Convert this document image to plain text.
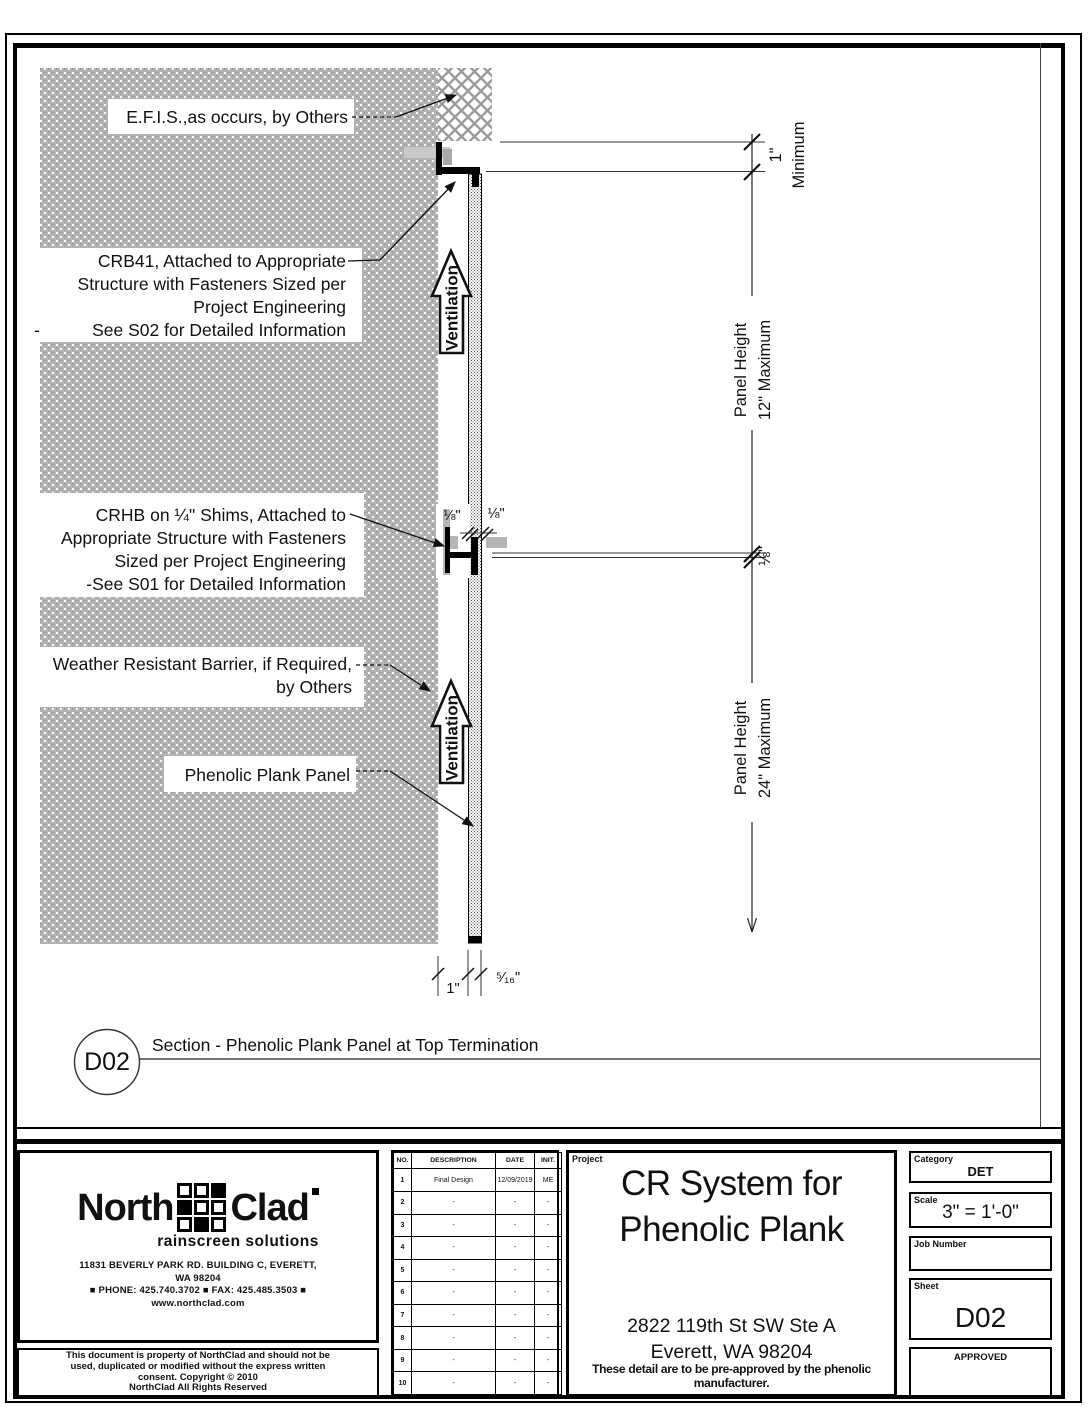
Ventilation
Ventilation
E.F.I.S.,as occurs, by Others
CRB41, Attached to Appropriate
Structure with Fasteners Sized per
Project Engineering
-	See S02 for Detailed Information
CRHB on ¼" Shims, Attached to
Appropriate Structure with Fasteners
Sized per Project Engineering
-See S01 for Detailed Information
Weather Resistant Barrier, if Required,
by Others
Phenolic Plank Panel
1" Minimum
Panel Height 12" Maximum
⅛"
Panel Height 24" Maximum
⅛" ⅛"
1"
⁵⁄₁₆"
D02
Section - Phenolic Plank Panel at Top Termination
North Clad
rainscreen solutions
11831 BEVERLY PARK RD. BUILDING C, EVERETT,
WA 98204
■ PHONE: 425.740.3702 ■ FAX: 425.485.3503 ■
www.northclad.com
This document is property of NorthClad and should not be
used, duplicated or modified without the express written
consent. Copyright © 2010
NorthClad All Rights Reserved
NO.	DESCRIPTION	DATE	INIT.
1	Final Design	12/09/2019	ME
2	-	-	-
3	-	-	-
4	-	-	-
5	-	-	-
6	-	-	-
7	-	-	-
8	-	-	-
9	-	-	-
10	-	-	-
Project
CR System for
Phenolic Plank
2822 119th St SW Ste A
Everett, WA 98204
These detail are to be pre-approved by the phenolic manufacturer.
Category
DET
Scale
3" = 1'-0"
Job Number
Sheet
D02
APPROVED
